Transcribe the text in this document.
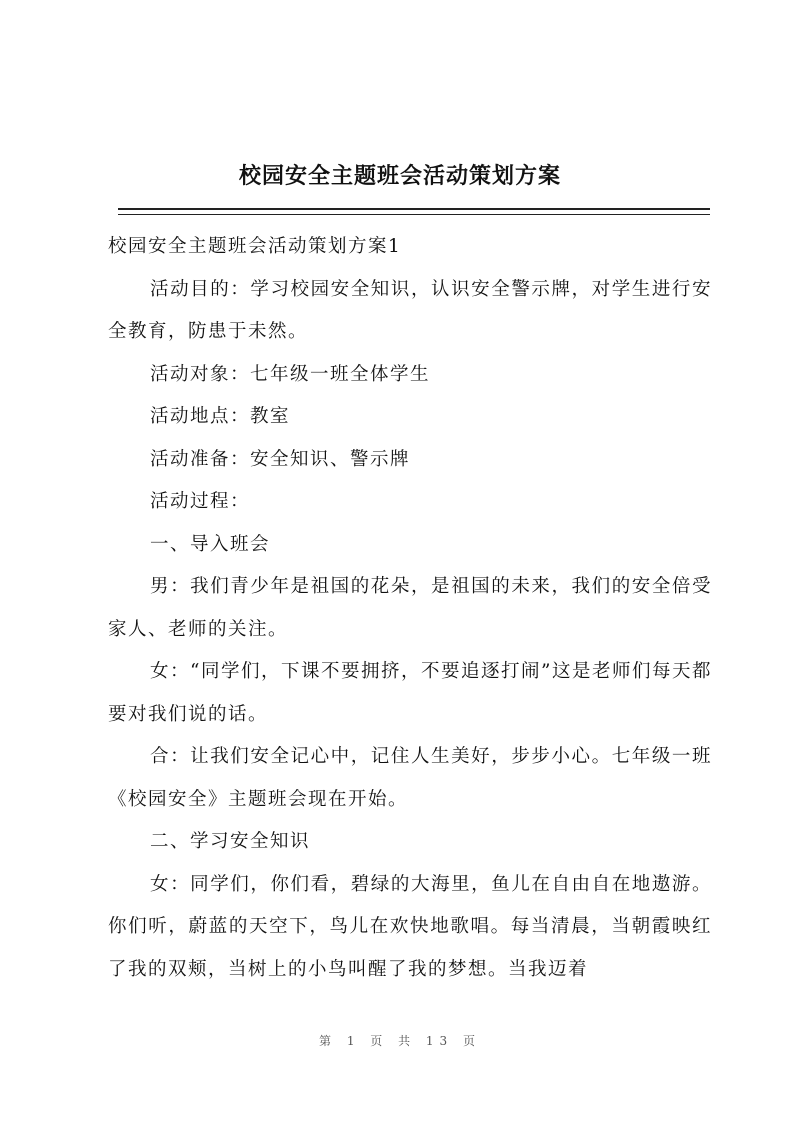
校园安全主题班会活动策划方案

校园安全主题班会活动策划方案1

活动目的：学习校园安全知识，认识安全警示牌，对学生进行安全教育，防患于未然。

活动对象：七年级一班全体学生

活动地点：教室

活动准备：安全知识、警示牌

活动过程：

一、导入班会

男：我们青少年是祖国的花朵，是祖国的未来，我们的安全倍受家人、老师的关注。

女：“同学们，下课不要拥挤，不要追逐打闹”这是老师们每天都要对我们说的话。

合：让我们安全记心中，记住人生美好，步步小心。七年级一班《校园安全》主题班会现在开始。

二、学习安全知识

女：同学们，你们看，碧绿的大海里，鱼儿在自由自在地遨游。你们听，蔚蓝的天空下，鸟儿在欢快地歌唱。每当清晨，当朝霞映红了我的双颊，当树上的小鸟叫醒了我的梦想。当我迈着

第 1 页 共 13 页
